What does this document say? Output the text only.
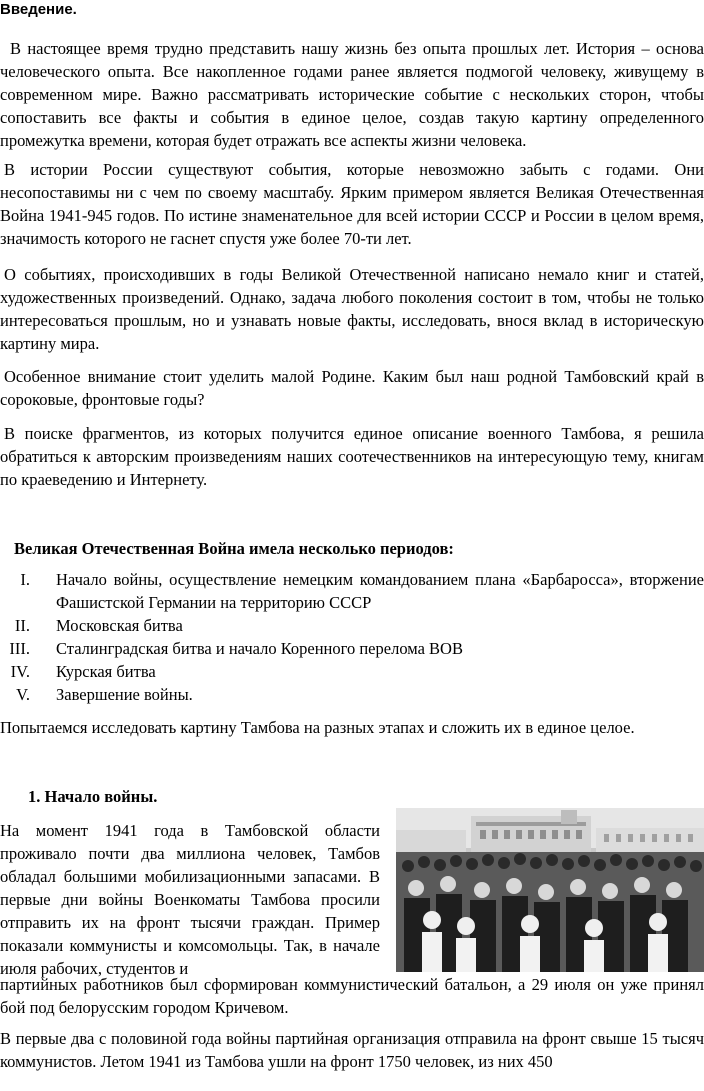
Введение.

В настоящее время трудно представить нашу жизнь без опыта прошлых лет. История – основа человеческого опыта. Все накопленное годами ранее является подмогой человеку, живущему в современном мире. Важно рассматривать исторические событие с нескольких сторон, чтобы сопоставить все факты и события в единое целое, создав такую картину определенного промежутка времени, которая будет отражать все аспекты жизни человека.

В истории России существуют события, которые невозможно забыть с годами. Они несопоставимы ни с чем по своему масштабу. Ярким примером является Великая Отечественная Война 1941-945 годов. По истине знаменательное для всей истории СССР и России в целом время, значимость которого не гаснет спустя уже более 70-ти лет.

О событиях, происходивших в годы Великой Отечественной написано немало книг и статей, художественных произведений. Однако, задача любого поколения состоит в том, чтобы не только интересоваться прошлым, но и узнавать новые факты, исследовать, внося вклад в историческую картину мира.

Особенное внимание стоит уделить малой Родине. Каким был наш родной Тамбовский край в сороковые, фронтовые годы?

В поиске фрагментов, из которых получится единое описание военного Тамбова, я решила обратиться к авторским произведениям наших соотечественников на интересующую тему, книгам по краеведению и Интернету.

Великая Отечественная Война имела несколько периодов:
I. Начало войны, осуществление немецким командованием плана «Барбаросса», вторжение Фашистской Германии на территорию СССР
II. Московская битва
III. Сталинградская битва и начало Коренного перелома ВОВ
IV. Курская битва
V. Завершение войны.

Попытаемся исследовать картину Тамбова на разных этапах и сложить их в единое целое.

1. Начало войны.

На момент 1941 года в Тамбовской области проживало почти два миллиона человек, Тамбов обладал большими мобилизационными запасами. В первые дни войны Военкоматы Тамбова просили отправить их на фронт тысячи граждан. Пример показали коммунисты и комсомольцы. Так, в начале июля рабочих, студентов и

партийных работников был сформирован коммунистический батальон, а 29 июля он уже принял бой под белорусским городом Кричевом.

В первые два с половиной года войны партийная организация отправила на фронт свыше 15 тысяч коммунистов. Летом 1941 из Тамбова ушли на фронт 1750 человек, из них 450
